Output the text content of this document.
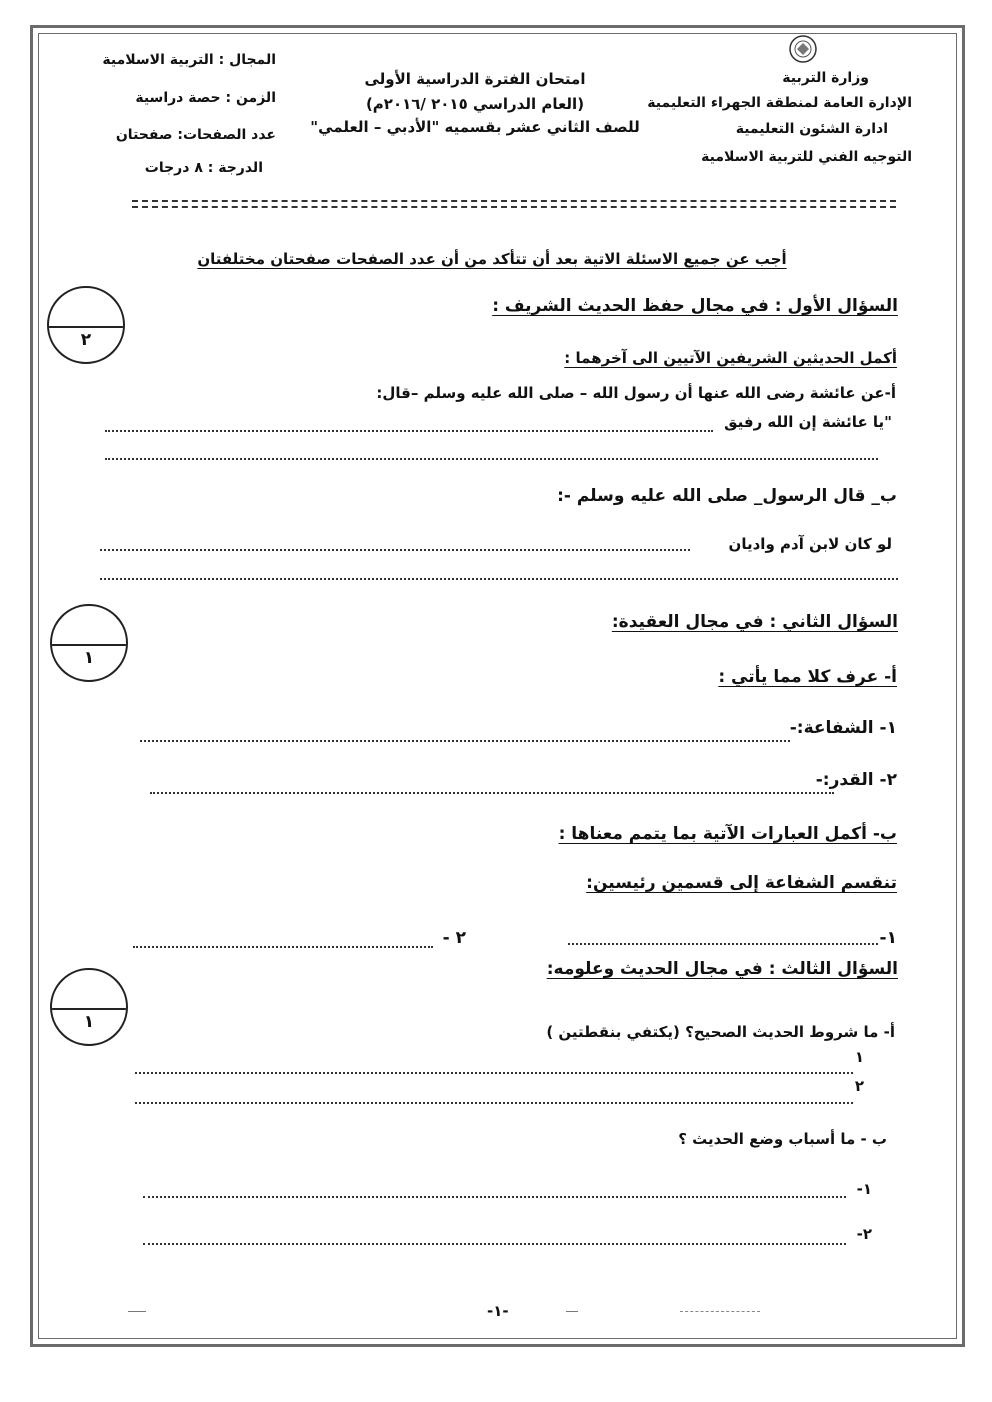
وزارة التربية
الإدارة العامة لمنطقة الجهراء التعليمية
ادارة الشئون التعليمية
التوجيه الفني للتربية الاسلامية
امتحان الفترة الدراسية الأولى
(العام الدراسي ٢٠١٥ /٢٠١٦م)
للصف الثاني عشر بقسميه "الأدبي – العلمي"
المجال : التربية الاسلامية
الزمن : حصة دراسية
عدد الصفحات: صفحتان
الدرجة : ٨ درجات
أجب عن جميع الاسئلة الاتية بعد أن تتأكد من أن عدد الصفحات صفحتان مختلفتان
٢
السؤال الأول : في مجال حفظ الحديث الشريف :
أكمل الحديثين الشريفين الآتيين الى آخرهما :
أ-عن عائشة رضى الله عنها أن رسول الله – صلى الله عليه وسلم –قال:
"يا عائشة إن الله رفيق
ب_ قال الرسول_ صلى الله عليه وسلم -:
لو كان لابن آدم واديان
١
السؤال الثاني : في مجال العقيدة:
أ- عرف كلا مما يأتي :
١- الشفاعة:-
٢- القدر:-
ب- أكمل العبارات الآتية بما يتمم معناها :
تنقسم الشفاعة إلى قسمين رئيسين:
١-
٢ -
١
السؤال الثالث : في مجال الحديث وعلومه:
أ- ما شروط الحديث الصحيح؟ (يكتفي بنقطتين )
١
٢
ب - ما أسباب وضع الحديث ؟
١-
٢-
-١-
